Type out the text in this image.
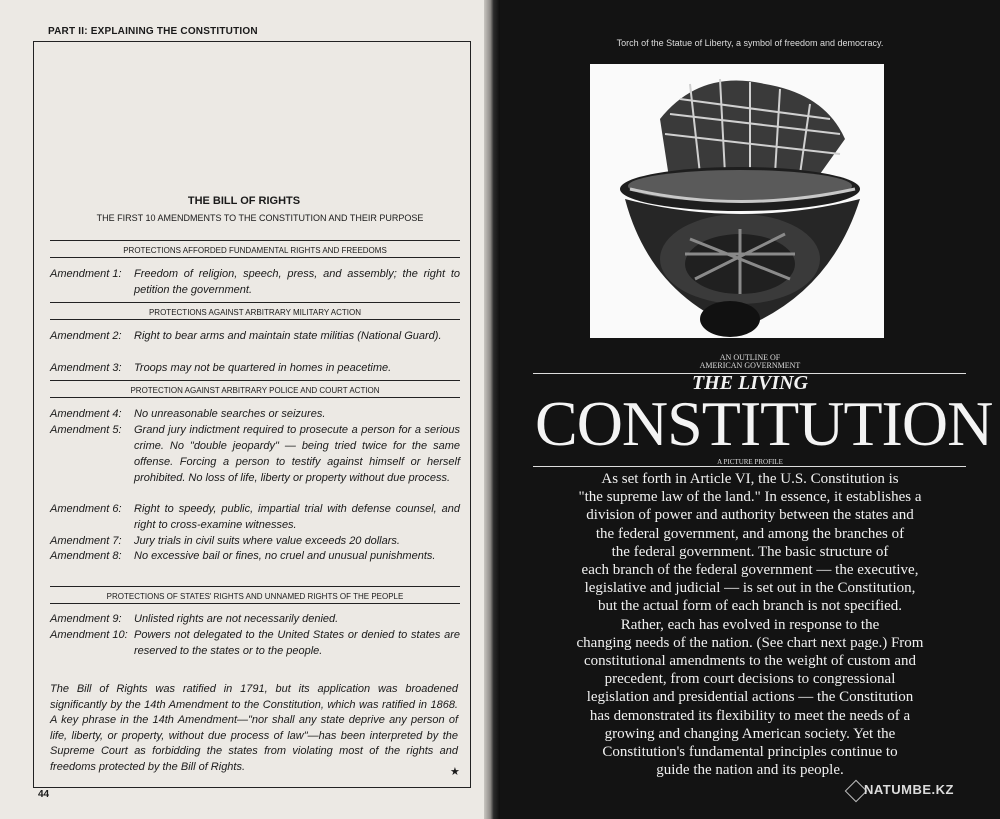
PART II: EXPLAINING THE CONSTITUTION
THE BILL OF RIGHTS
THE FIRST 10 AMENDMENTS TO THE CONSTITUTION AND THEIR PURPOSE
PROTECTIONS AFFORDED FUNDAMENTAL RIGHTS AND FREEDOMS
Amendment 1:	Freedom of religion, speech, press, and assembly; the right to petition the government.
PROTECTIONS AGAINST ARBITRARY MILITARY ACTION
Amendment 2:	Right to bear arms and maintain state militias (National Guard).
Amendment 3:	Troops may not be quartered in homes in peacetime.
PROTECTION AGAINST ARBITRARY POLICE AND COURT ACTION
Amendment 4:	No unreasonable searches or seizures.
Amendment 5:	Grand jury indictment required to prosecute a person for a serious crime. No "double jeopardy" — being tried twice for the same offense. Forcing a person to testify against himself or herself prohibited. No loss of life, liberty or property without due process.
Amendment 6:	Right to speedy, public, impartial trial with defense counsel, and right to cross-examine witnesses.
Amendment 7:	Jury trials in civil suits where value exceeds 20 dollars.
Amendment 8:	No excessive bail or fines, no cruel and unusual punishments.
PROTECTIONS OF STATES' RIGHTS AND UNNAMED RIGHTS OF THE PEOPLE
Amendment 9:	Unlisted rights are not necessarily denied.
Amendment 10: Powers not delegated to the United States or denied to states are reserved to the states or to the people.
The Bill of Rights was ratified in 1791, but its application was broadened significantly by the 14th Amendment to the Constitution, which was ratified in 1868. A key phrase in the 14th Amendment—"nor shall any state deprive any person of life, liberty, or property, without due process of law"—has been interpreted by the Supreme Court as forbidding the states from violating most of the rights and freedoms protected by the Bill of Rights.	★
44
Torch of the Statue of Liberty, a symbol of freedom and democracy.
AN OUTLINE OF
AMERICAN GOVERNMENT
THE LIVING
CONSTITUTION
A PICTURE PROFILE
As set forth in Article VI, the U.S. Constitution is
"the supreme law of the land." In essence, it establishes a
division of power and authority between the states and
the federal government, and among the branches of
the federal government. The basic structure of
each branch of the federal government — the executive,
legislative and judicial — is set out in the Constitution,
but the actual form of each branch is not specified.
Rather, each has evolved in response to the
changing needs of the nation. (See chart next page.) From
constitutional amendments to the weight of custom and
precedent, from court decisions to congressional
legislation and presidential actions — the Constitution
has demonstrated its flexibility to meet the needs of a
growing and changing American society. Yet the
Constitution's fundamental principles continue to
guide the nation and its people.
NATUMBE.KZ
